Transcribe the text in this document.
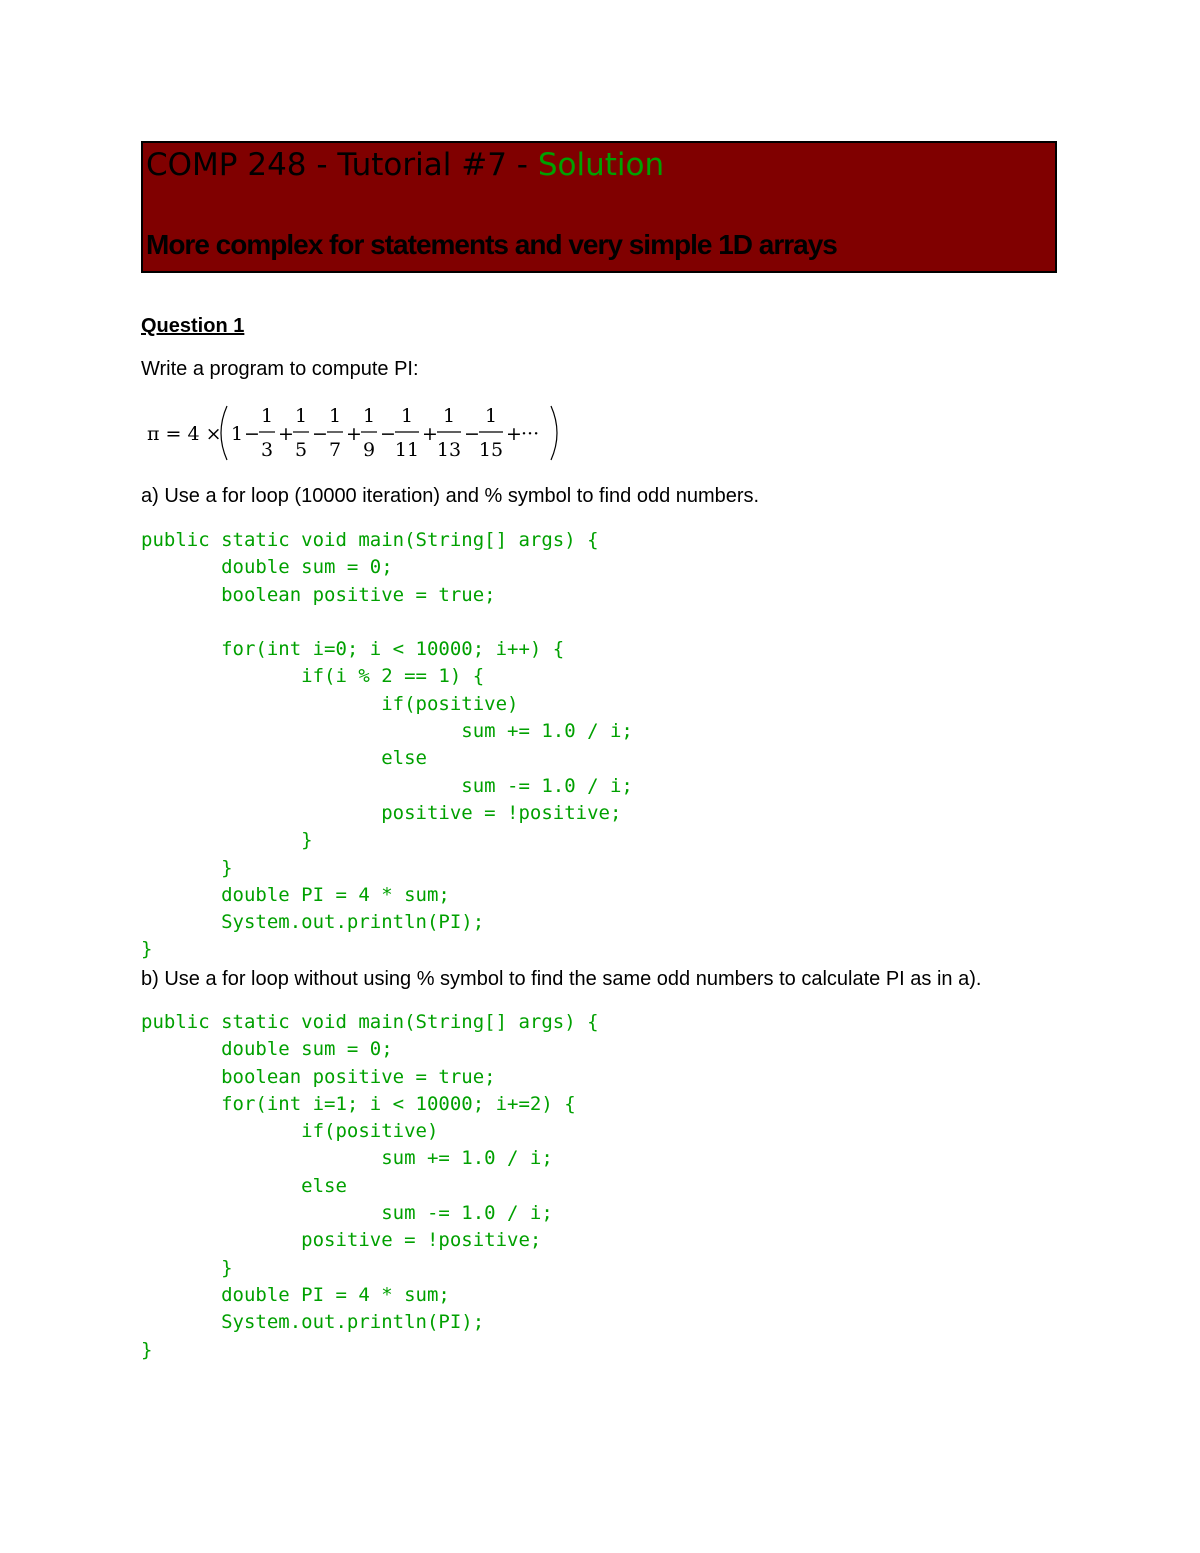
COMP 248 - Tutorial #7 - Solution
More complex for statements and very simple 1D arrays
Question 1
Write a program to compute PI:
π = 4 × 1 −
1
3
+
1
5
−
1
7
+
1
9
−
1
11
+
1
13
−
1
15
+ ···
a) Use a for loop (10000 iteration) and % symbol to find odd numbers.
public static void main(String[] args) {
double sum = 0;
boolean positive = true;
for(int i=0; i < 10000; i++) {
if(i % 2 == 1) {
if(positive)
sum += 1.0 / i;
else
sum -= 1.0 / i;
positive = !positive;
}
}
double PI = 4 * sum;
System.out.println(PI);
}
b) Use a for loop without using % symbol to find the same odd numbers to calculate PI as in a).
public static void main(String[] args) {
double sum = 0;
boolean positive = true;
for(int i=1; i < 10000; i+=2) {
if(positive)
sum += 1.0 / i;
else
sum -= 1.0 / i;
positive = !positive;
}
double PI = 4 * sum;
System.out.println(PI);
}
